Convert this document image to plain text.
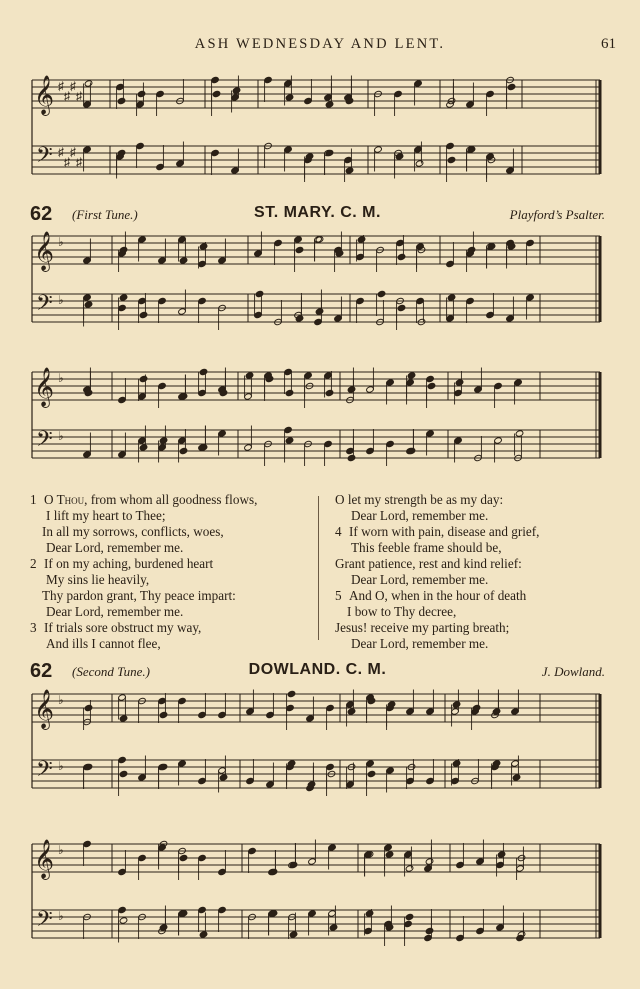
ASH WEDNESDAY AND LENT.	61
𝄞
𝄢
♯
♯
♯
♯
♯
♯
♯
♯
62 (First Tune.)	ST. MARY. C. M.	Playford’s Psalter.
𝄞
𝄢
♭
♭
𝄞
𝄢
♭
♭
1 O Thou, from whom all goodness flows,
I lift my heart to Thee;
In all my sorrows, conflicts, woes,
Dear Lord, remember me.
2 If on my aching, burdened heart
My sins lie heavily,
Thy pardon grant, Thy peace impart:
Dear Lord, remember me.
3 If trials sore obstruct my way,
And ills I cannot flee,
O let my strength be as my day:
Dear Lord, remember me.
4 If worn with pain, disease and grief,
This feeble frame should be,
Grant patience, rest and kind relief:
Dear Lord, remember me.
5 And O, when in the hour of death
I bow to Thy decree,
Jesus! receive my parting breath;
Dear Lord, remember me.
62 (Second Tune.)	DOWLAND. C. M.	J. Dowland.
𝄞
𝄢
♭
♭
𝄞
𝄢
♭
♭
